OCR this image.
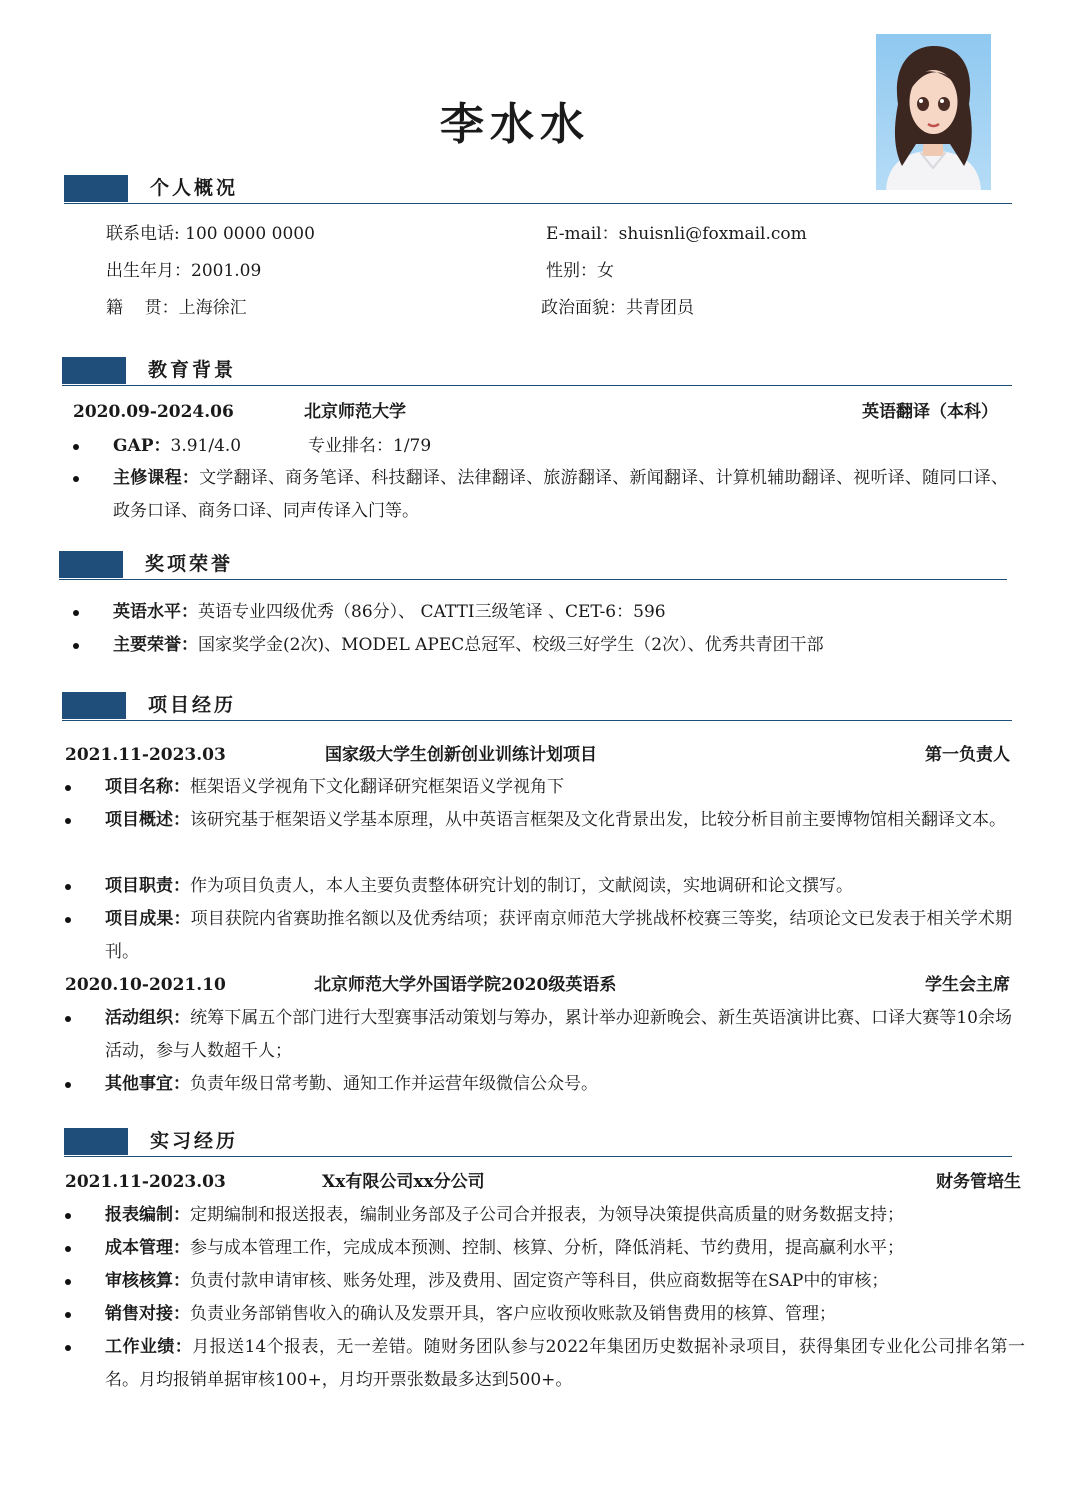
李水水
个人概况
联系电话: 100 0000 0000	E-mail：shuisnli@foxmail.com
出生年月：2001.09	性别：女
籍    贯：上海徐汇	政治面貌：共青团员
教育背景
2020.09-2024.06	北京师范大学	英语翻译（本科）
GAP：3.91/4.0	专业排名：1/79
主修课程：文学翻译、商务笔译、科技翻译、法律翻译、旅游翻译、新闻翻译、计算机辅助翻译、视听译、随同口译、政务口译、商务口译、同声传译入门等。
奖项荣誉
英语水平：英语专业四级优秀（86分）、 CATTI三级笔译 、CET-6：596
主要荣誉：国家奖学金(2次)、MODEL APEC总冠军、校级三好学生（2次）、优秀共青团干部
项目经历
2021.11-2023.03	国家级大学生创新创业训练计划项目	第一负责人
项目名称：框架语义学视角下文化翻译研究框架语义学视角下
项目概述：该研究基于框架语义学基本原理，从中英语言框架及文化背景出发，比较分析目前主要博物馆相关翻译文本。
项目职责：作为项目负责人，本人主要负责整体研究计划的制订，文献阅读，实地调研和论文撰写。
项目成果：项目获院内省赛助推名额以及优秀结项；获评南京师范大学挑战杯校赛三等奖，结项论文已发表于相关学术期刊。
2020.10-2021.10	北京师范大学外国语学院2020级英语系	学生会主席
活动组织：统筹下属五个部门进行大型赛事活动策划与筹办，累计举办迎新晚会、新生英语演讲比赛、口译大赛等10余场活动，参与人数超千人；
其他事宜：负责年级日常考勤、通知工作并运营年级微信公众号。
实习经历
2021.11-2023.03	Xx有限公司xx分公司	财务管培生
报表编制：定期编制和报送报表，编制业务部及子公司合并报表，为领导决策提供高质量的财务数据支持；
成本管理：参与成本管理工作，完成成本预测、控制、核算、分析，降低消耗、节约费用，提高赢利水平；
审核核算：负责付款申请审核、账务处理，涉及费用、固定资产等科目，供应商数据等在SAP中的审核；
销售对接：负责业务部销售收入的确认及发票开具，客户应收预收账款及销售费用的核算、管理；
工作业绩：月报送14个报表，无一差错。随财务团队参与2022年集团历史数据补录项目，获得集团专业化公司排名第一名。月均报销单据审核100+，月均开票张数最多达到500+。
